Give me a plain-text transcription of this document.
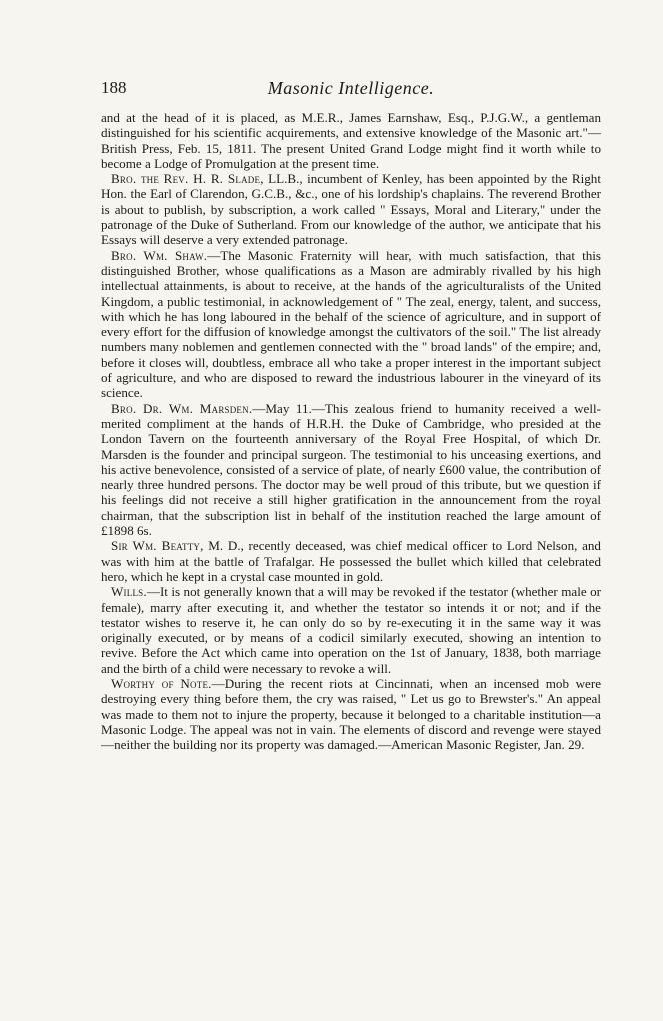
188	Masonic Intelligence.

and at the head of it is placed, as M.E.R., James Earnshaw, Esq., P.J.G.W., a gentleman distinguished for his scientific acquirements, and extensive knowledge of the Masonic art."—British Press, Feb. 15, 1811. The present United Grand Lodge might find it worth while to become a Lodge of Promulgation at the present time.

Bro. the Rev. H. R. Slade, LL.B., incumbent of Kenley, has been appointed by the Right Hon. the Earl of Clarendon, G.C.B., &c., one of his lordship's chaplains. The reverend Brother is about to publish, by subscription, a work called " Essays, Moral and Literary," under the patronage of the Duke of Sutherland. From our knowledge of the author, we anticipate that his Essays will deserve a very extended patronage.

Bro. Wm. Shaw.—The Masonic Fraternity will hear, with much satisfaction, that this distinguished Brother, whose qualifications as a Mason are admirably rivalled by his high intellectual attainments, is about to receive, at the hands of the agriculturalists of the United Kingdom, a public testimonial, in acknowledgement of " The zeal, energy, talent, and success, with which he has long laboured in the behalf of the science of agriculture, and in support of every effort for the diffusion of knowledge amongst the cultivators of the soil." The list already numbers many noblemen and gentlemen connected with the " broad lands" of the empire; and, before it closes will, doubtless, embrace all who take a proper interest in the important subject of agriculture, and who are disposed to reward the industrious labourer in the vineyard of its science.

Bro. Dr. Wm. Marsden.—May 11.—This zealous friend to humanity received a well-merited compliment at the hands of H.R.H. the Duke of Cambridge, who presided at the London Tavern on the fourteenth anniversary of the Royal Free Hospital, of which Dr. Marsden is the founder and principal surgeon. The testimonial to his unceasing exertions, and his active benevolence, consisted of a service of plate, of nearly £600 value, the contribution of nearly three hundred persons. The doctor may be well proud of this tribute, but we question if his feelings did not receive a still higher gratification in the announcement from the royal chairman, that the subscription list in behalf of the institution reached the large amount of £1898 6s.

Sir Wm. Beatty, M. D., recently deceased, was chief medical officer to Lord Nelson, and was with him at the battle of Trafalgar. He possessed the bullet which killed that celebrated hero, which he kept in a crystal case mounted in gold.

Wills.—It is not generally known that a will may be revoked if the testator (whether male or female), marry after executing it, and whether the testator so intends it or not; and if the testator wishes to reserve it, he can only do so by re-executing it in the same way it was originally executed, or by means of a codicil similarly executed, showing an intention to revive. Before the Act which came into operation on the 1st of January, 1838, both marriage and the birth of a child were necessary to revoke a will.

Worthy of Note.—During the recent riots at Cincinnati, when an incensed mob were destroying every thing before them, the cry was raised, " Let us go to Brewster's." An appeal was made to them not to injure the property, because it belonged to a charitable institution—a Masonic Lodge. The appeal was not in vain. The elements of discord and revenge were stayed—neither the building nor its property was damaged.—American Masonic Register, Jan. 29.
